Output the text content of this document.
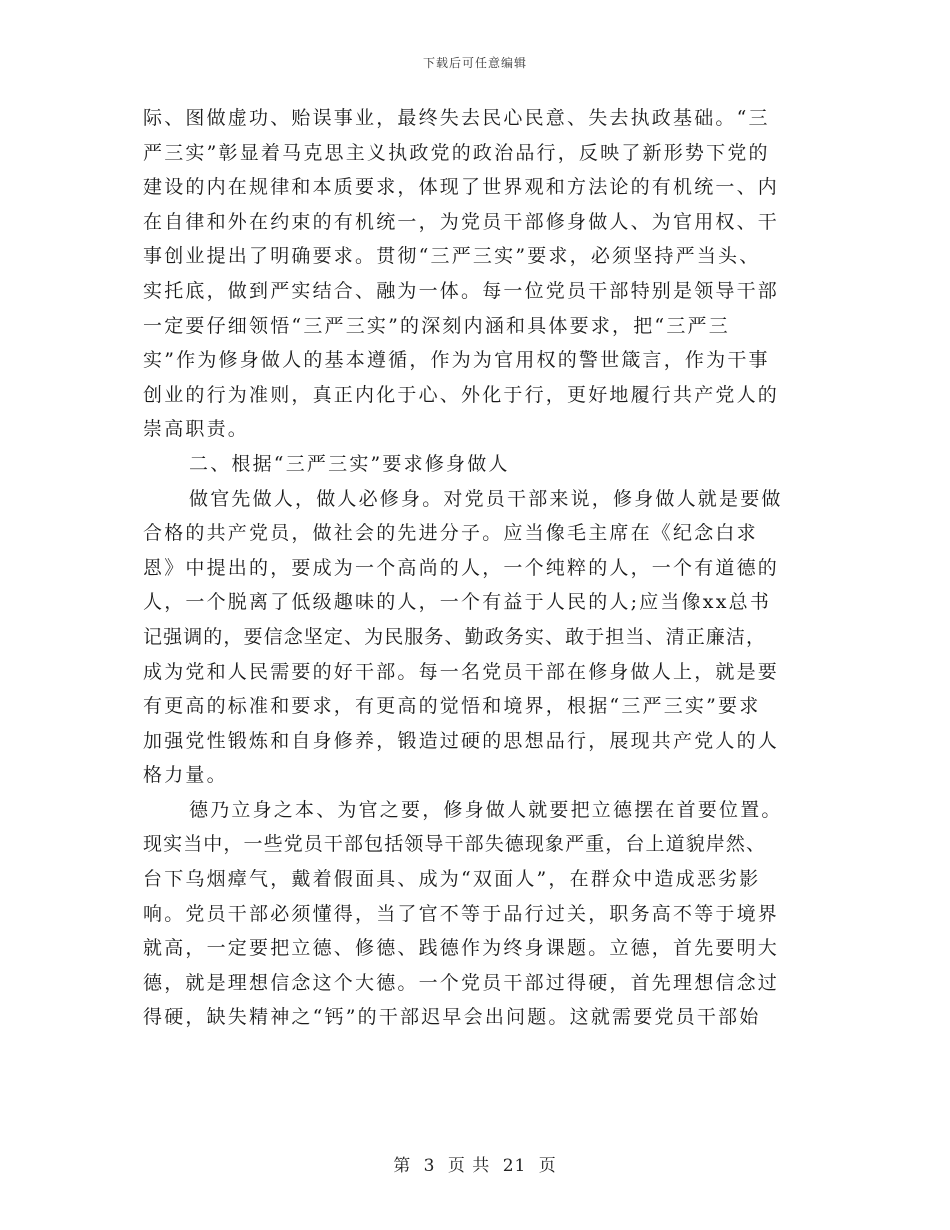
下载后可任意编辑
际、图做虚功、贻误事业，最终失去民心民意、失去执政基础。“三
严三实”彰显着马克思主义执政党的政治品行，反映了新形势下党的
建设的内在规律和本质要求，体现了世界观和方法论的有机统一、内
在自律和外在约束的有机统一，为党员干部修身做人、为官用权、干
事创业提出了明确要求。贯彻“三严三实”要求，必须坚持严当头、
实托底，做到严实结合、融为一体。每一位党员干部特别是领导干部
一定要仔细领悟“三严三实”的深刻内涵和具体要求，把“三严三
实”作为修身做人的基本遵循，作为为官用权的警世箴言，作为干事
创业的行为准则，真正内化于心、外化于行，更好地履行共产党人的
崇高职责。
二、根据“三严三实”要求修身做人
做官先做人，做人必修身。对党员干部来说，修身做人就是要做
合格的共产党员，做社会的先进分子。应当像毛主席在《纪念白求
恩》中提出的，要成为一个高尚的人，一个纯粹的人，一个有道德的
人，一个脱离了低级趣味的人，一个有益于人民的人;应当像xx总书
记强调的，要信念坚定、为民服务、勤政务实、敢于担当、清正廉洁，
成为党和人民需要的好干部。每一名党员干部在修身做人上，就是要
有更高的标准和要求，有更高的觉悟和境界，根据“三严三实”要求
加强党性锻炼和自身修养，锻造过硬的思想品行，展现共产党人的人
格力量。
德乃立身之本、为官之要，修身做人就要把立德摆在首要位置。
现实当中，一些党员干部包括领导干部失德现象严重，台上道貌岸然、
台下乌烟瘴气，戴着假面具、成为“双面人”，在群众中造成恶劣影
响。党员干部必须懂得，当了官不等于品行过关，职务高不等于境界
就高，一定要把立德、修德、践德作为终身课题。立德，首先要明大
德，就是理想信念这个大德。一个党员干部过得硬，首先理想信念过
得硬，缺失精神之“钙”的干部迟早会出问题。这就需要党员干部始
第 3 页 共 21 页
